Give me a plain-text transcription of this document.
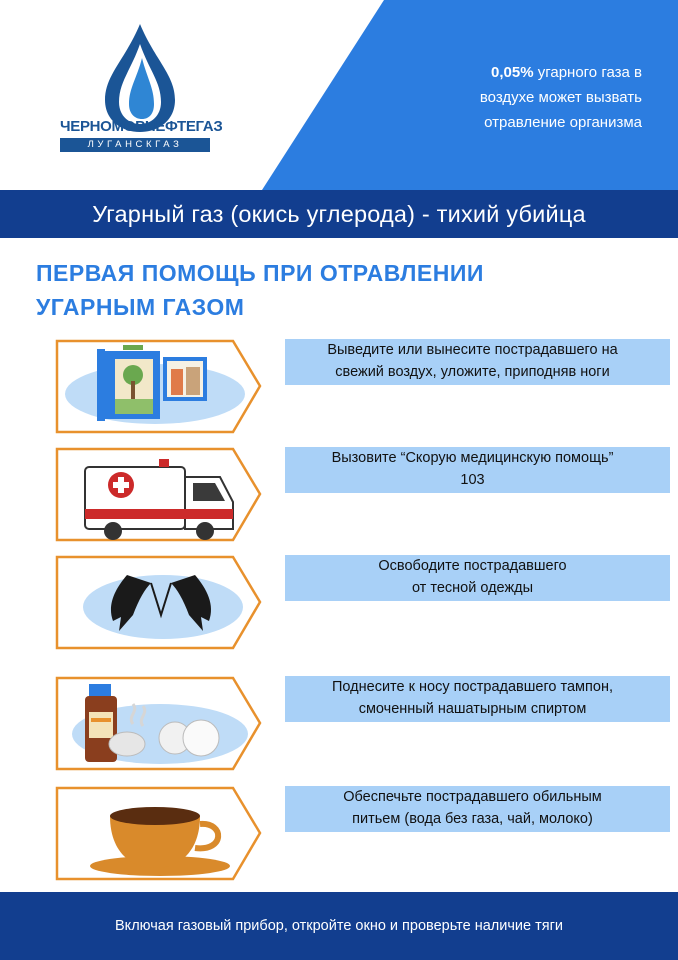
ЧЕРНОМОРНЕФТЕГАЗ
ЛУГАНСКГАЗ
0,05% угарного газа в
воздухе может вызвать
отравление организма
Угарный газ (окись углерода) - тихий убийца
ПЕРВАЯ ПОМОЩЬ ПРИ ОТРАВЛЕНИИ
УГАРНЫМ ГАЗОМ
Выведите или вынесите пострадавшего на
свежий воздух, уложите, приподняв ноги
Вызовите “Скорую медицинскую помощь”
103
Освободите пострадавшего
от тесной одежды
Поднесите к носу пострадавшего тампон,
смоченный нашатырным спиртом
Обеспечьте пострадавшего обильным
питьем (вода без газа, чай, молоко)
Включая газовый прибор, откройте окно и проверьте наличие тяги
